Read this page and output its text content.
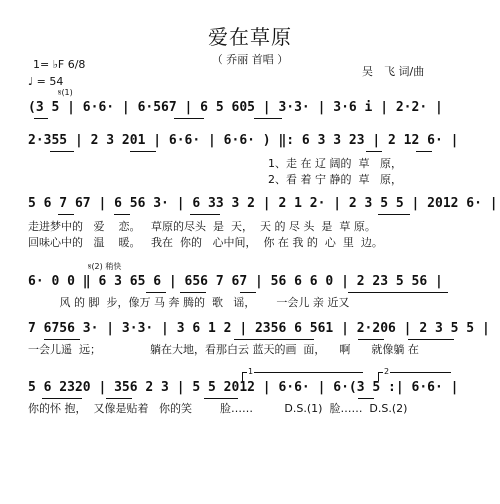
爱在草原
（ 乔丽 首唱 ）
吴　飞 词/曲
1= ♭F 6/8
♩ = 54
𝄋(1)
(3 5 | 6·6· | 6·567 | 6 5 605 | 3·3· | 3·6 i | 2·2· |
2·355 | 2 3 201 | 6·6· | 6·6· ) ‖: 6 3 3 23 | 2 12 6· |
1、走 在 辽 阔的  草   原，
2、看 着 宁 静的  草   原，
5 6 7 67 | 6 56 3· | 6 33 3 2 | 2 1 2· | 2 3 5 5 | 2012 6· |
走进梦中的   爱    恋。   草原的尽头  是  天，  天 的 尽 头  是  草 原。
回味心中的   温    暖。   我在  你的   心中间，  你 在 我 的  心  里  边。
𝄋(2) 稍快
6· 0 0 ‖ 6 3 65 6 | 656 7 67 | 56 6 6 0 | 2 23 5 56 |
风 的 脚  步，像万 马 奔 腾的  歌   谣，      一会儿 亲 近又
7 6756 3· | 3·3· | 3 6 1 2 | 2356 6 561 | 2·206 | 2 3 5 5 |
一会儿遥  远；              躺在大地，看那白云 蓝天的画  面，    啊      就像躺 在
1	2
5 6 2320 | 356 2 3 | 5 5 2012 | 6·6· | 6·(3 5 :| 6·6· |
你的怀 抱，  又像是贴着   你的笑        脸……         D.S.(1)  脸……  D.S.(2)
